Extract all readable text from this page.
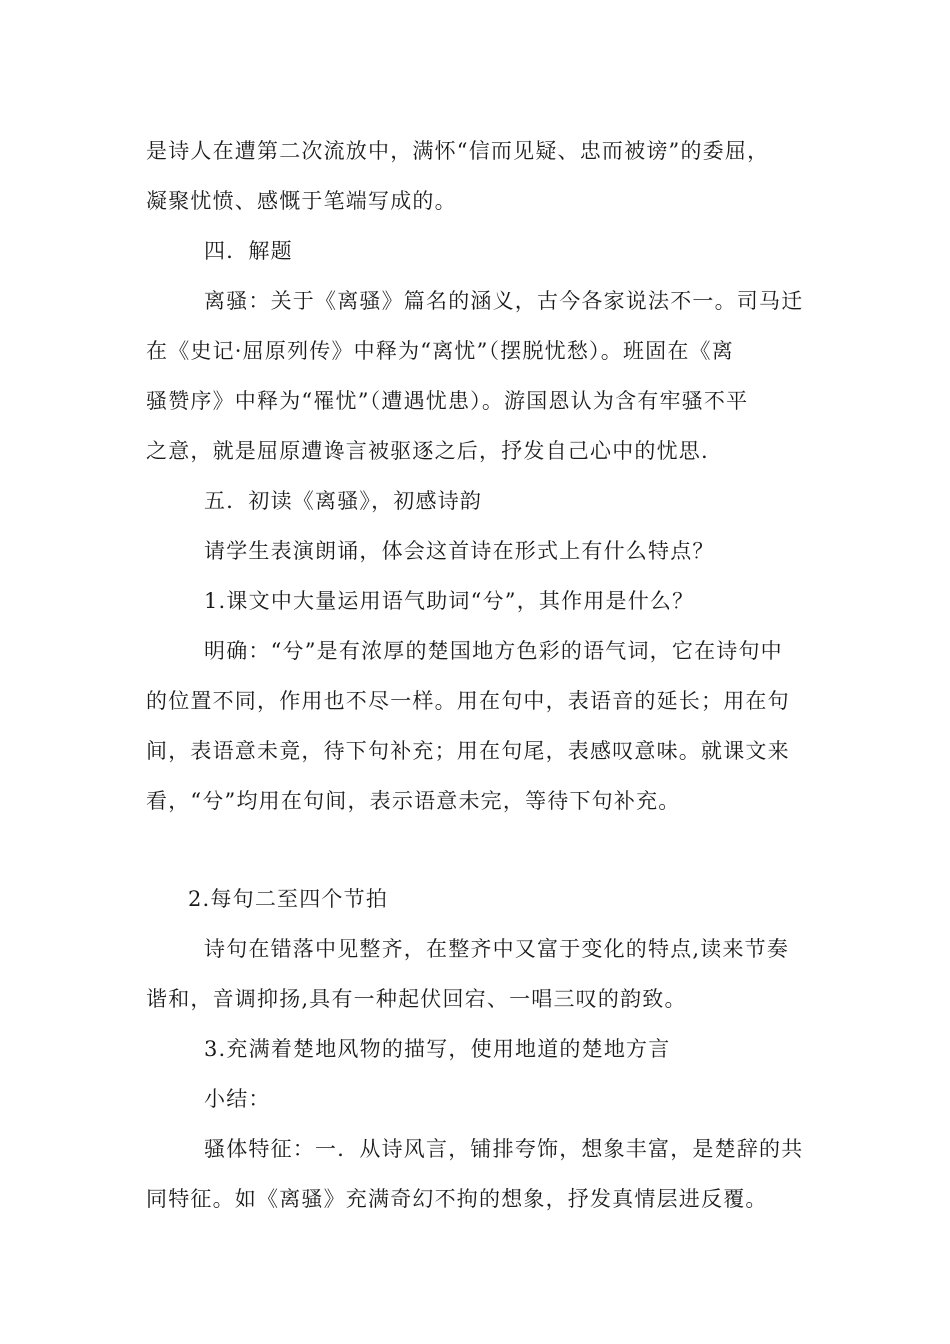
是诗人在遭第二次流放中，满怀“信而见疑、忠而被谤”的委屈，
凝聚忧愤、感慨于笔端写成的。
四．解题
离骚：关于《离骚》篇名的涵义，古今各家说法不一。司马迁
在《史记·屈原列传》中释为“离忧”（摆脱忧愁）。班固在《离
骚赞序》中释为“罹忧”（遭遇忧患）。游国恩认为含有牢骚不平
之意，就是屈原遭谗言被驱逐之后，抒发自己心中的忧思.
五．初读《离骚》，初感诗韵
请学生表演朗诵，体会这首诗在形式上有什么特点？
1.课文中大量运用语气助词“兮”，其作用是什么？
明确：“兮”是有浓厚的楚国地方色彩的语气词，它在诗句中
的位置不同，作用也不尽一样。用在句中，表语音的延长；用在句
间，表语意未竟，待下句补充；用在句尾，表感叹意味。就课文来
看，“兮”均用在句间，表示语意未完，等待下句补充。
2.每句二至四个节拍
诗句在错落中见整齐，在整齐中又富于变化的特点,读来节奏
谐和，音调抑扬,具有一种起伏回宕、一唱三叹的韵致。
3.充满着楚地风物的描写，使用地道的楚地方言
小结：
骚体特征：一．从诗风言，铺排夸饰，想象丰富，是楚辞的共
同特征。如《离骚》充满奇幻不拘的想象，抒发真情层进反覆。
